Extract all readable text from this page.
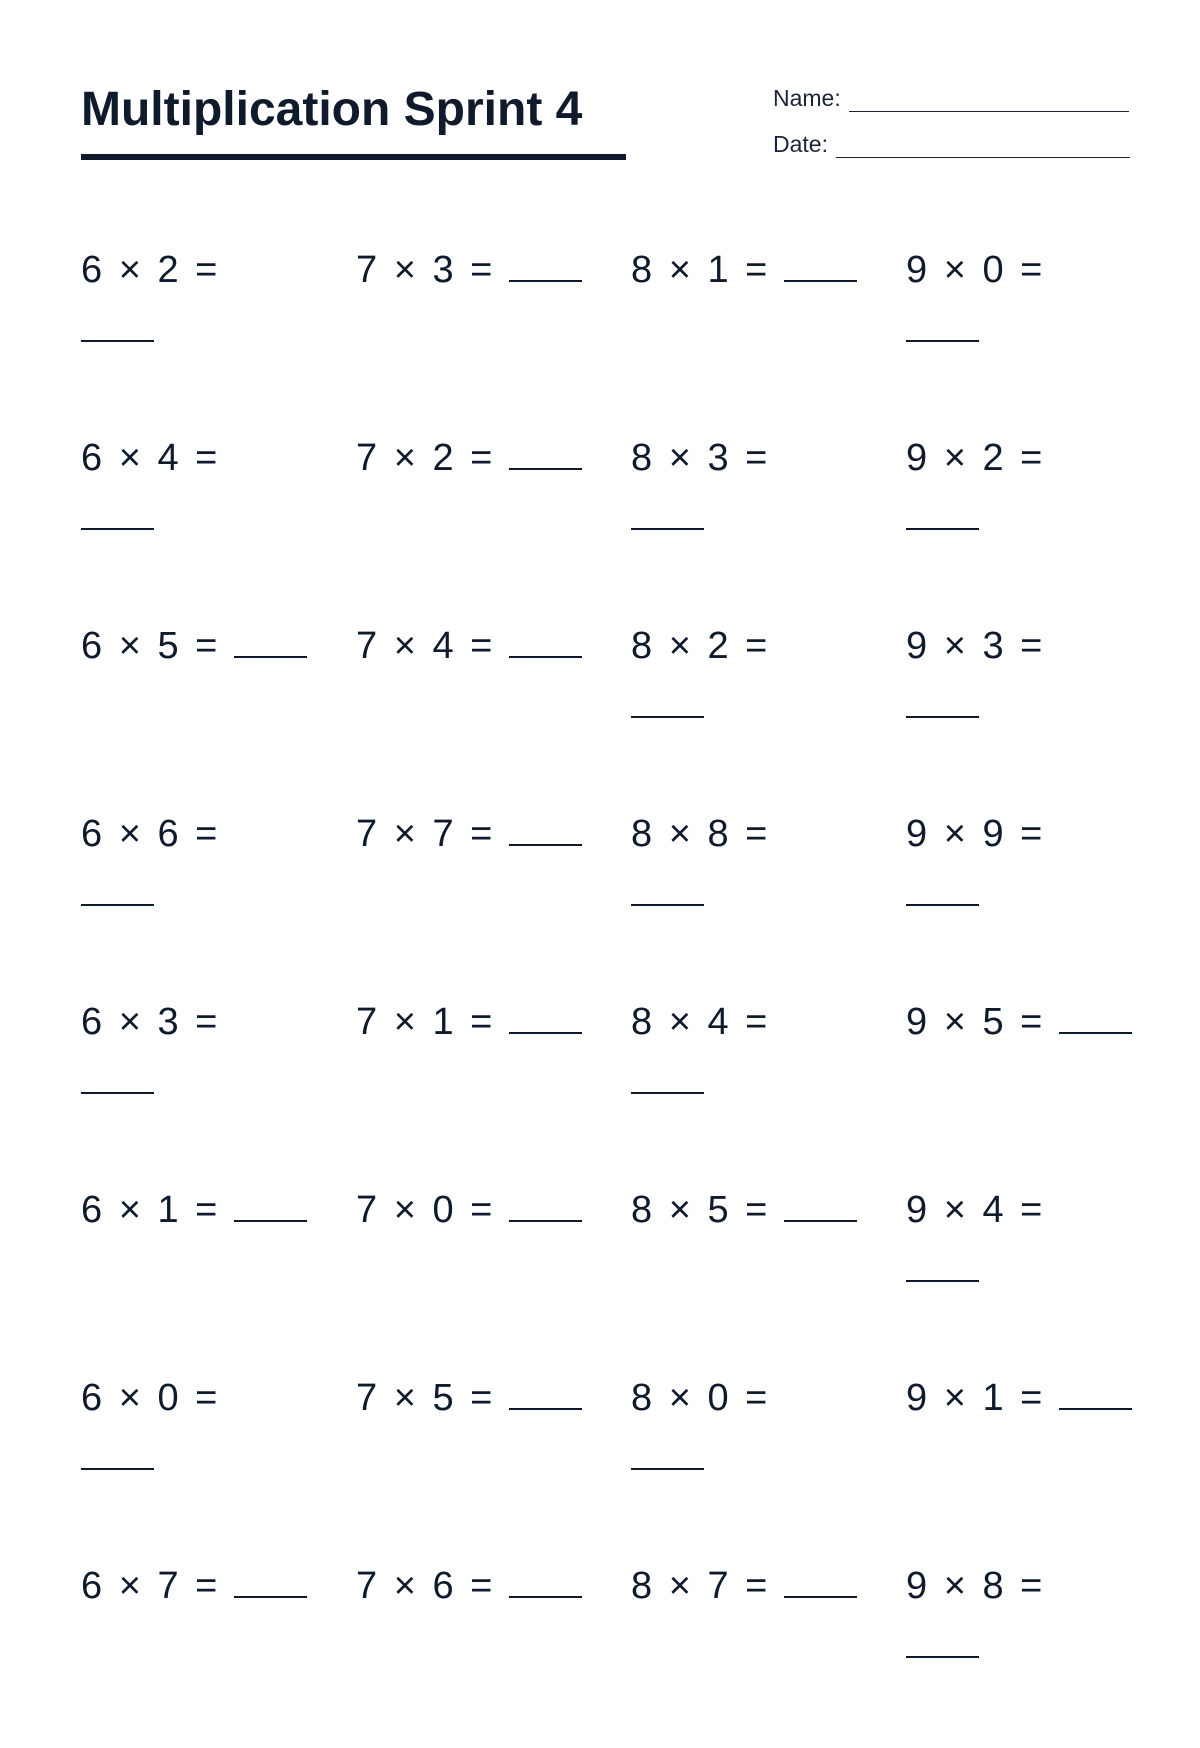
Multiplication Sprint 4	Name:
Date:
6 × 2 =	7 × 3 =	8 × 1 =	9 × 0 =
6 × 4 =	7 × 2 =	8 × 3 =	9 × 2 =
6 × 5 =	7 × 4 =	8 × 2 =	9 × 3 =
6 × 6 =	7 × 7 =	8 × 8 =	9 × 9 =
6 × 3 =	7 × 1 =	8 × 4 =	9 × 5 =
6 × 1 =	7 × 0 =	8 × 5 =	9 × 4 =
6 × 0 =	7 × 5 =	8 × 0 =	9 × 1 =
6 × 7 =	7 × 6 =	8 × 7 =	9 × 8 =
